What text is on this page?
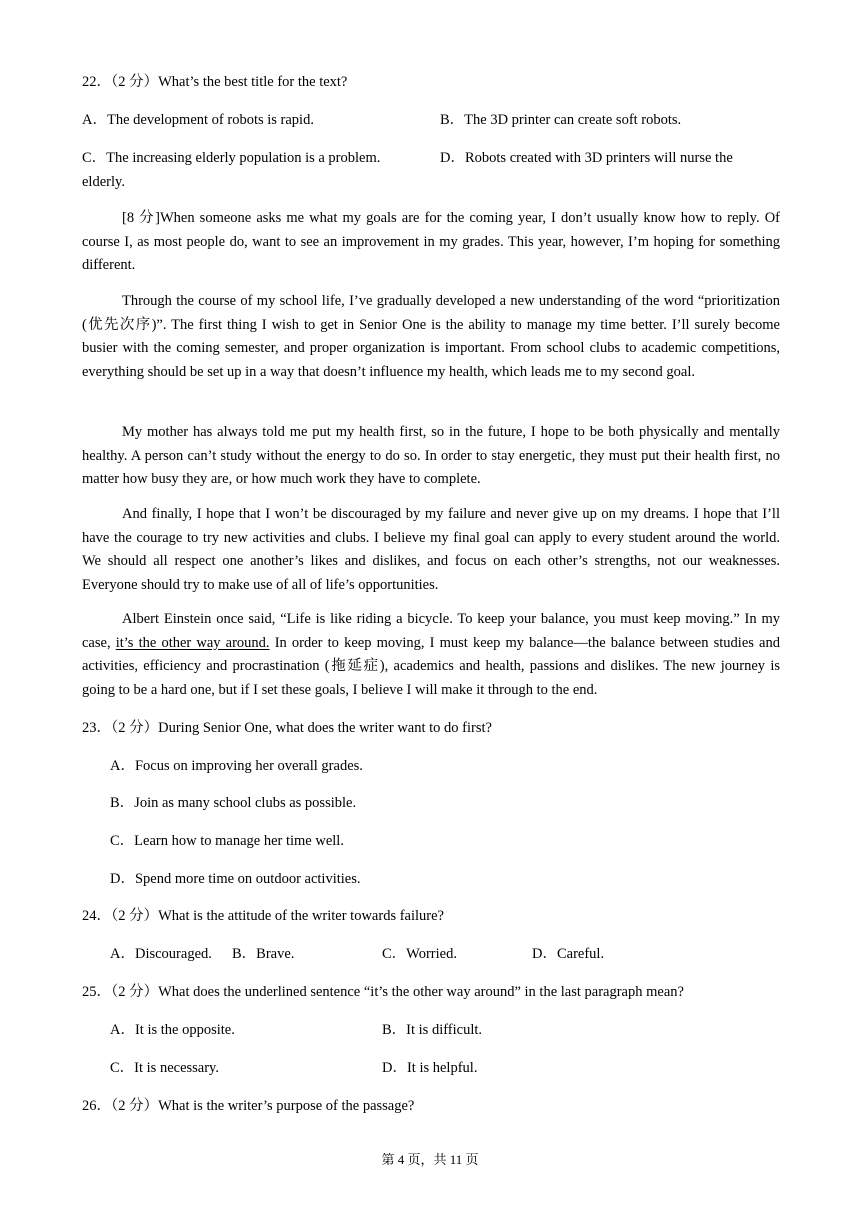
22．（2 分）What’s the best title for the text?
A．The development of robots is rapid.	B．The 3D printer can create soft robots.
C．The increasing elderly population is a problem.	D．Robots created with 3D printers will nurse the
elderly.
[8 分]When someone asks me what my goals are for the coming year, I don’t usually know how to reply. Of course I, as most people do, want to see an improvement in my grades. This year, however, I’m hoping for something different.
Through the course of my school life, I’ve gradually developed a new understanding of the word “prioritization (优先次序)”. The first thing I wish to get in Senior One is the ability to manage my time better. I’ll surely become busier with the coming semester, and proper organization is important. From school clubs to academic competitions, everything should be set up in a way that doesn’t influence my health, which leads me to my second goal.
My mother has always told me put my health first, so in the future, I hope to be both physically and mentally healthy. A person can’t study without the energy to do so. In order to stay energetic, they must put their health first, no matter how busy they are, or how much work they have to complete.
And finally, I hope that I won’t be discouraged by my failure and never give up on my dreams. I hope that I’ll have the courage to try new activities and clubs. I believe my final goal can apply to every student around the world. We should all respect one another’s likes and dislikes, and focus on each other’s strengths, not our weaknesses. Everyone should try to make use of all of life’s opportunities.
Albert Einstein once said, “Life is like riding a bicycle. To keep your balance, you must keep moving.” In my case, it’s the other way around. In order to keep moving, I must keep my balance—the balance between studies and activities, efficiency and procrastination (拖延症), academics and health, passions and dislikes. The new journey is going to be a hard one, but if I set these goals, I believe I will make it through to the end.
23．（2 分）During Senior One, what does the writer want to do first?
A．Focus on improving her overall grades.
B．Join as many school clubs as possible.
C．Learn how to manage her time well.
D．Spend more time on outdoor activities.
24．（2 分）What is the attitude of the writer towards failure?
A．Discouraged. B．Brave.	C．Worried.	D．Careful.
25．（2 分）What does the underlined sentence “it’s the other way around” in the last paragraph mean?
A．It is the opposite.	B．It is difficult.
C．It is necessary.	D．It is helpful.
26．（2 分）What is the writer’s purpose of the passage?
第 4 页，共 11 页
